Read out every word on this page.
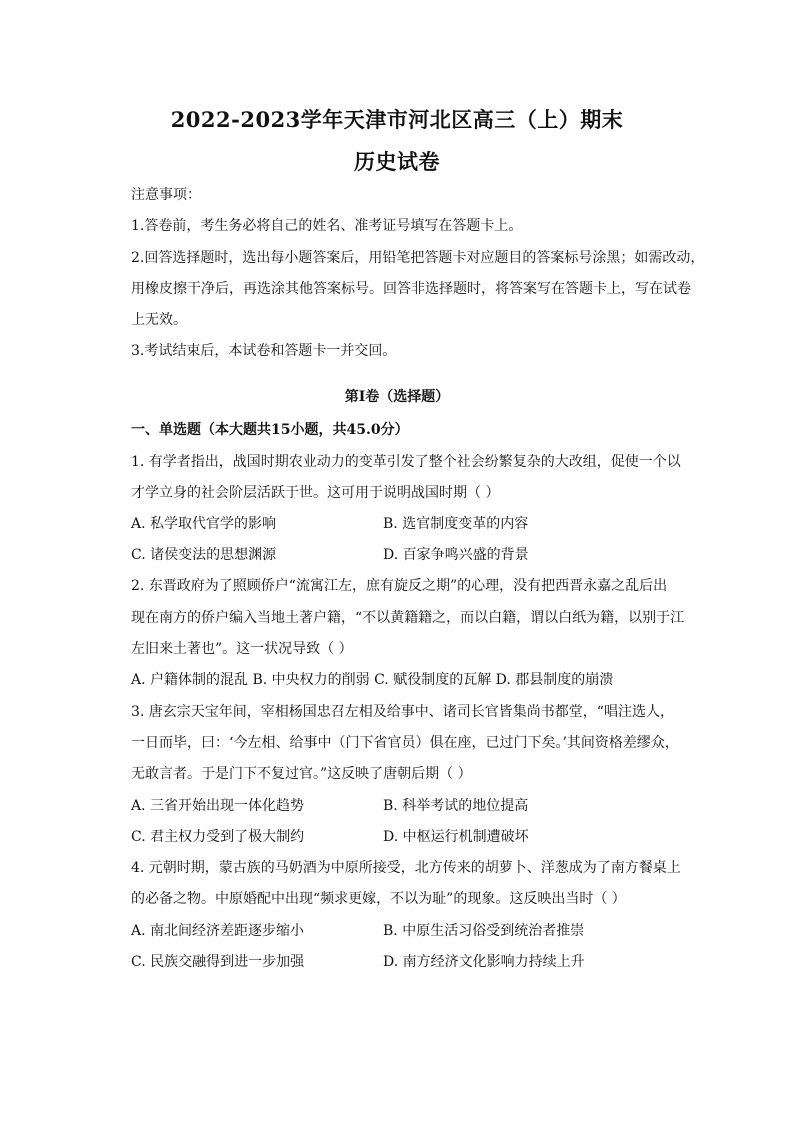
2022-2023学年天津市河北区高三（上）期末
历史试卷
注意事项：
1.答卷前，考生务必将自己的姓名、准考证号填写在答题卡上。
2.回答选择题时，选出每小题答案后，用铅笔把答题卡对应题目的答案标号涂黑；如需改动，
用橡皮擦干净后，再选涂其他答案标号。回答非选择题时，将答案写在答题卡上，写在试卷
上无效。
3.考试结束后，本试卷和答题卡一并交回。
第Ⅰ卷（选择题）
一、单选题（本大题共15小题，共45.0分）
1. 有学者指出，战国时期农业动力的变革引发了整个社会纷繁复杂的大改组，促使一个以
才学立身的社会阶层活跃于世。这可用于说明战国时期（ ）
A. 私学取代官学的影响	B. 选官制度变革的内容
C. 诸侯变法的思想渊源	D. 百家争鸣兴盛的背景
2. 东晋政府为了照顾侨户“流寓江左，庶有旋反之期”的心理，没有把西晋永嘉之乱后出
现在南方的侨户编入当地土著户籍，“不以黄籍籍之，而以白籍，谓以白纸为籍，以别于江
左旧来土著也”。这一状况导致（ ）
A. 户籍体制的混乱 B. 中央权力的削弱 C. 赋役制度的瓦解 D. 郡县制度的崩溃
3. 唐玄宗天宝年间，宰相杨国忠召左相及给事中、诸司长官皆集尚书都堂，“唱注选人，
一日而毕，曰：‘今左相、给事中（门下省官员）俱在座，已过门下矣。’其间资格差缪众，
无敢言者。于是门下不复过官。”这反映了唐朝后期（ ）
A. 三省开始出现一体化趋势	B. 科举考试的地位提高
C. 君主权力受到了极大制约	D. 中枢运行机制遭破坏
4. 元朝时期，蒙古族的马奶酒为中原所接受，北方传来的胡萝卜、洋葱成为了南方餐桌上
的必备之物。中原婚配中出现“频求更嫁，不以为耻”的现象。这反映出当时（ ）
A. 南北间经济差距逐步缩小	B. 中原生活习俗受到统治者推崇
C. 民族交融得到进一步加强	D. 南方经济文化影响力持续上升
